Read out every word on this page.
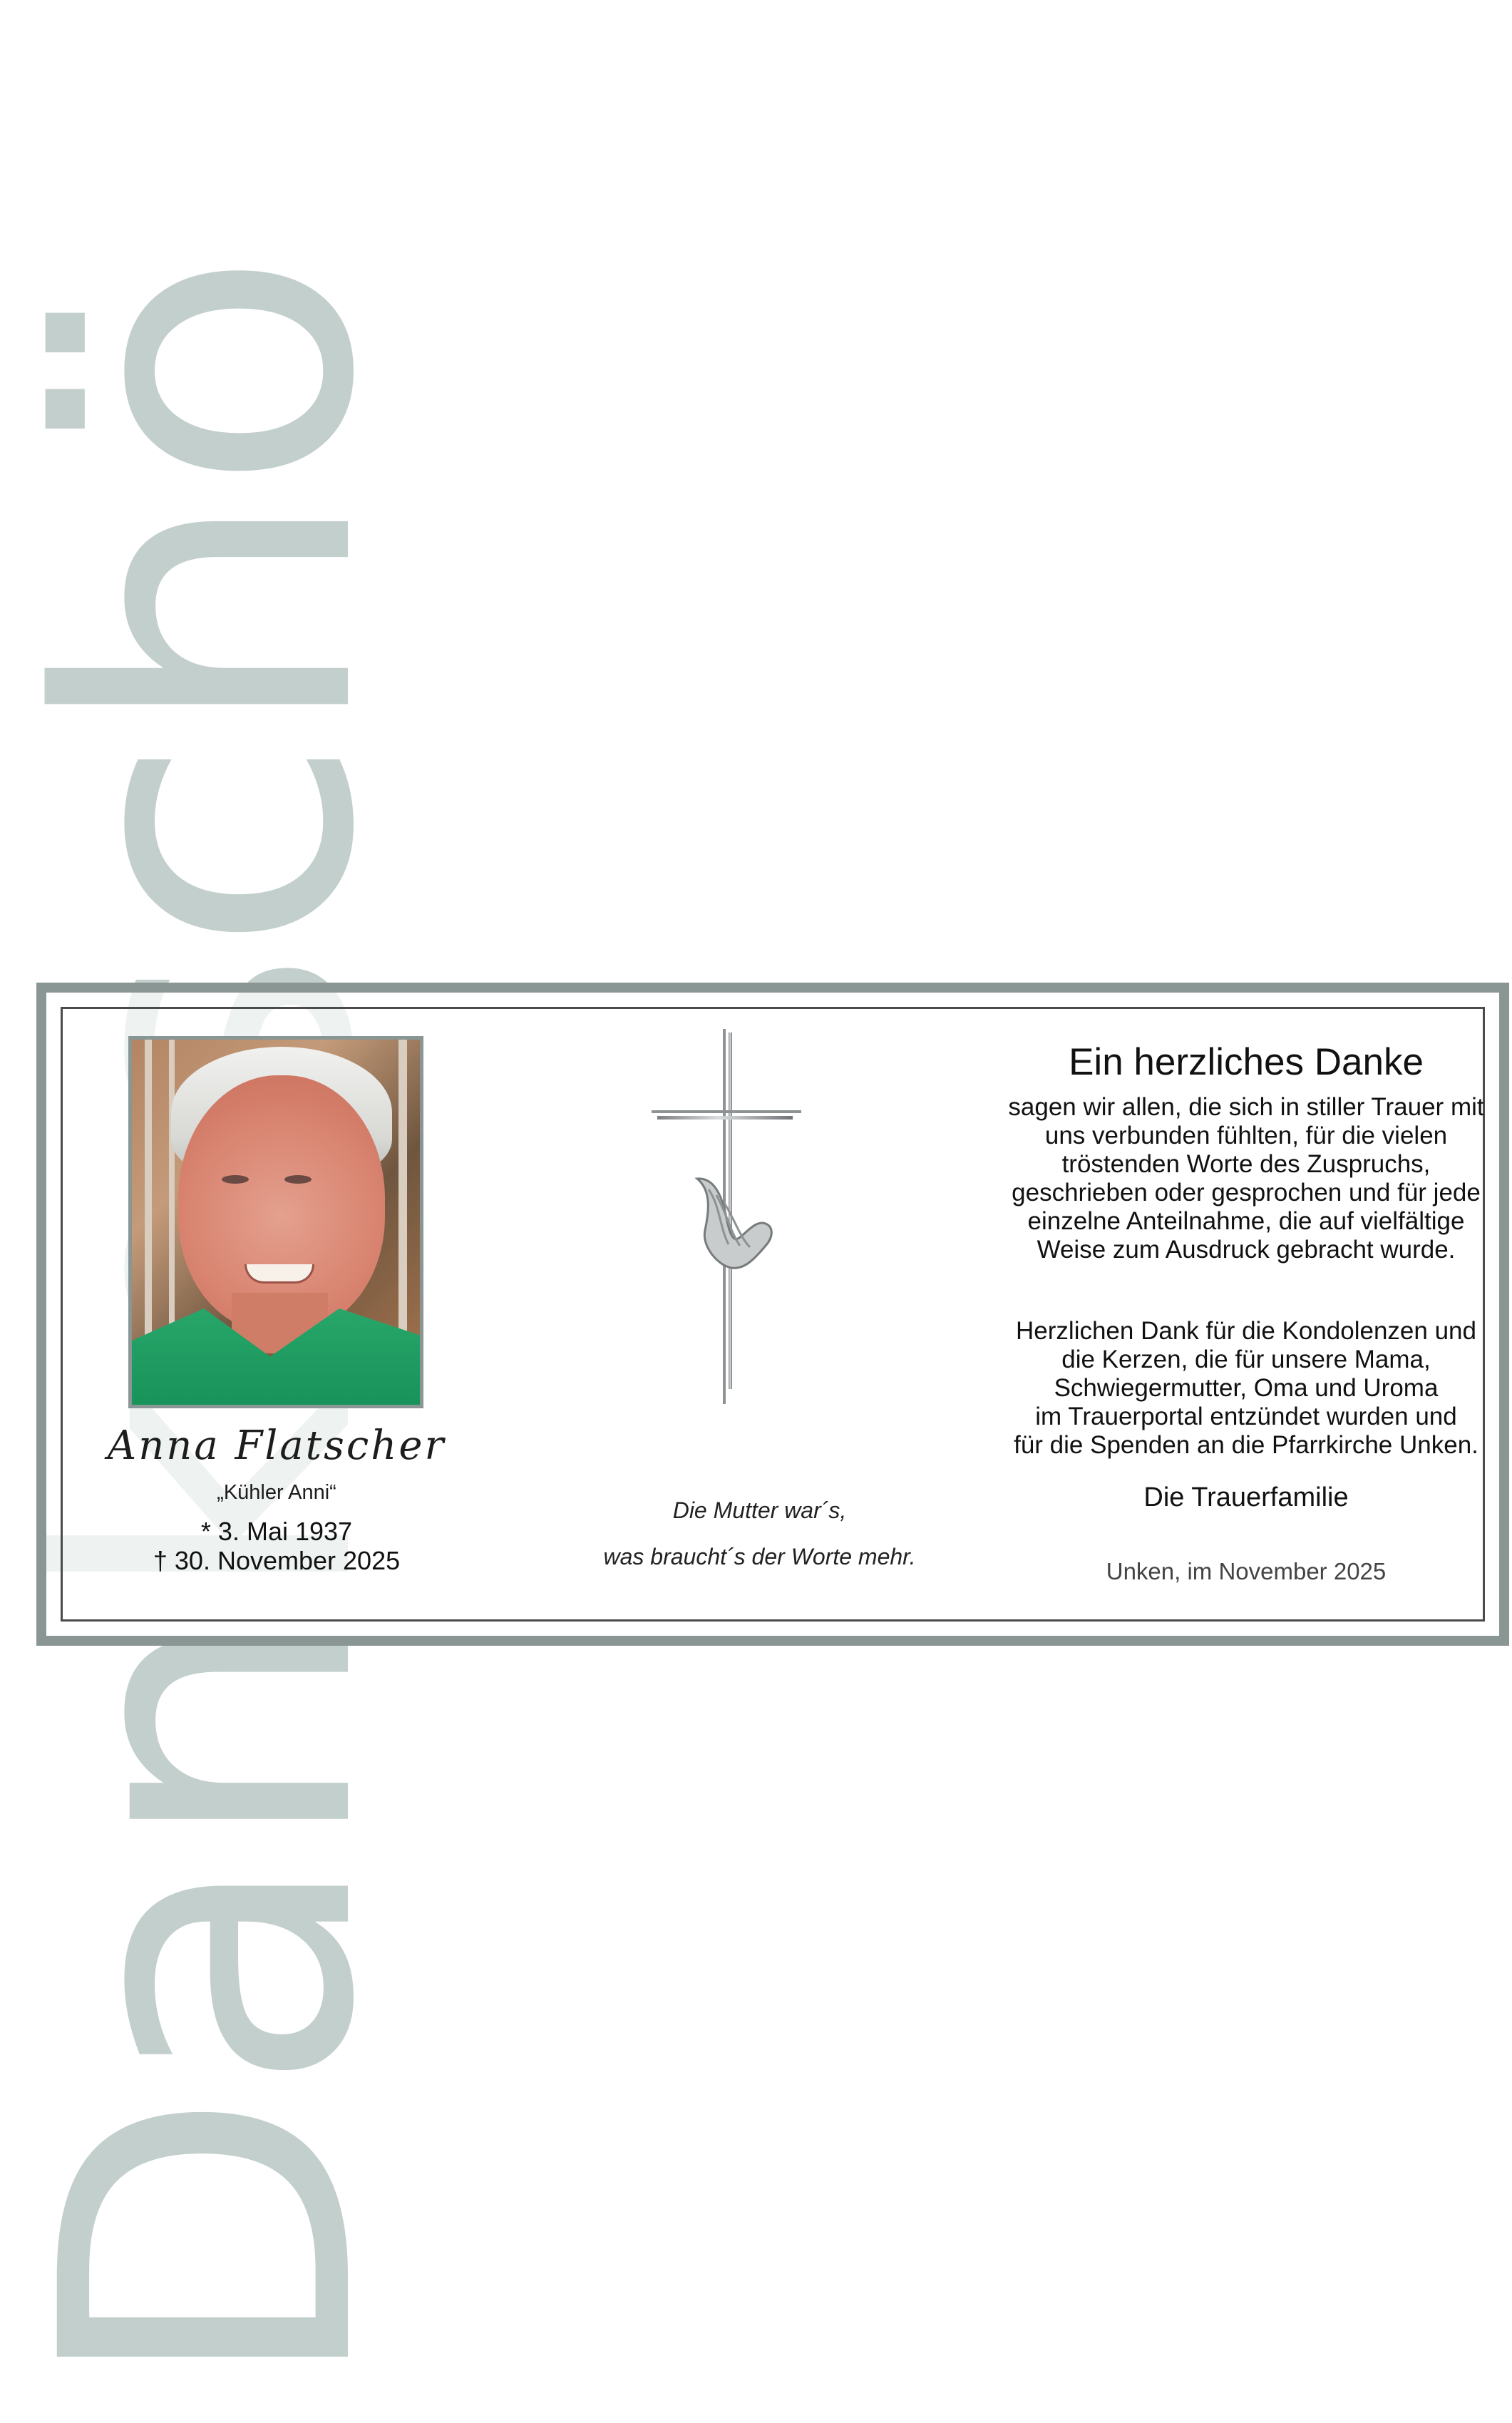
Anna Flatscher
„Kühler Anni“
* 3. Mai 1937
† 30. November 2025
Die Mutter war´s,
was braucht´s der Worte mehr.
Ein herzliches Danke
sagen wir allen, die sich in stiller Trauer mit
uns verbunden fühlten, für die vielen
tröstenden Worte des Zuspruchs,
geschrieben oder gesprochen und für jede
einzelne Anteilnahme, die auf vielfältige
Weise zum Ausdruck gebracht wurde.
Herzlichen Dank für die Kondolenzen und
die Kerzen, die für unsere Mama,
Schwiegermutter, Oma und Uroma
im Trauerportal entzündet wurden und
für die Spenden an die Pfarrkirche Unken.
Die Trauerfamilie
Unken, im November 2025
